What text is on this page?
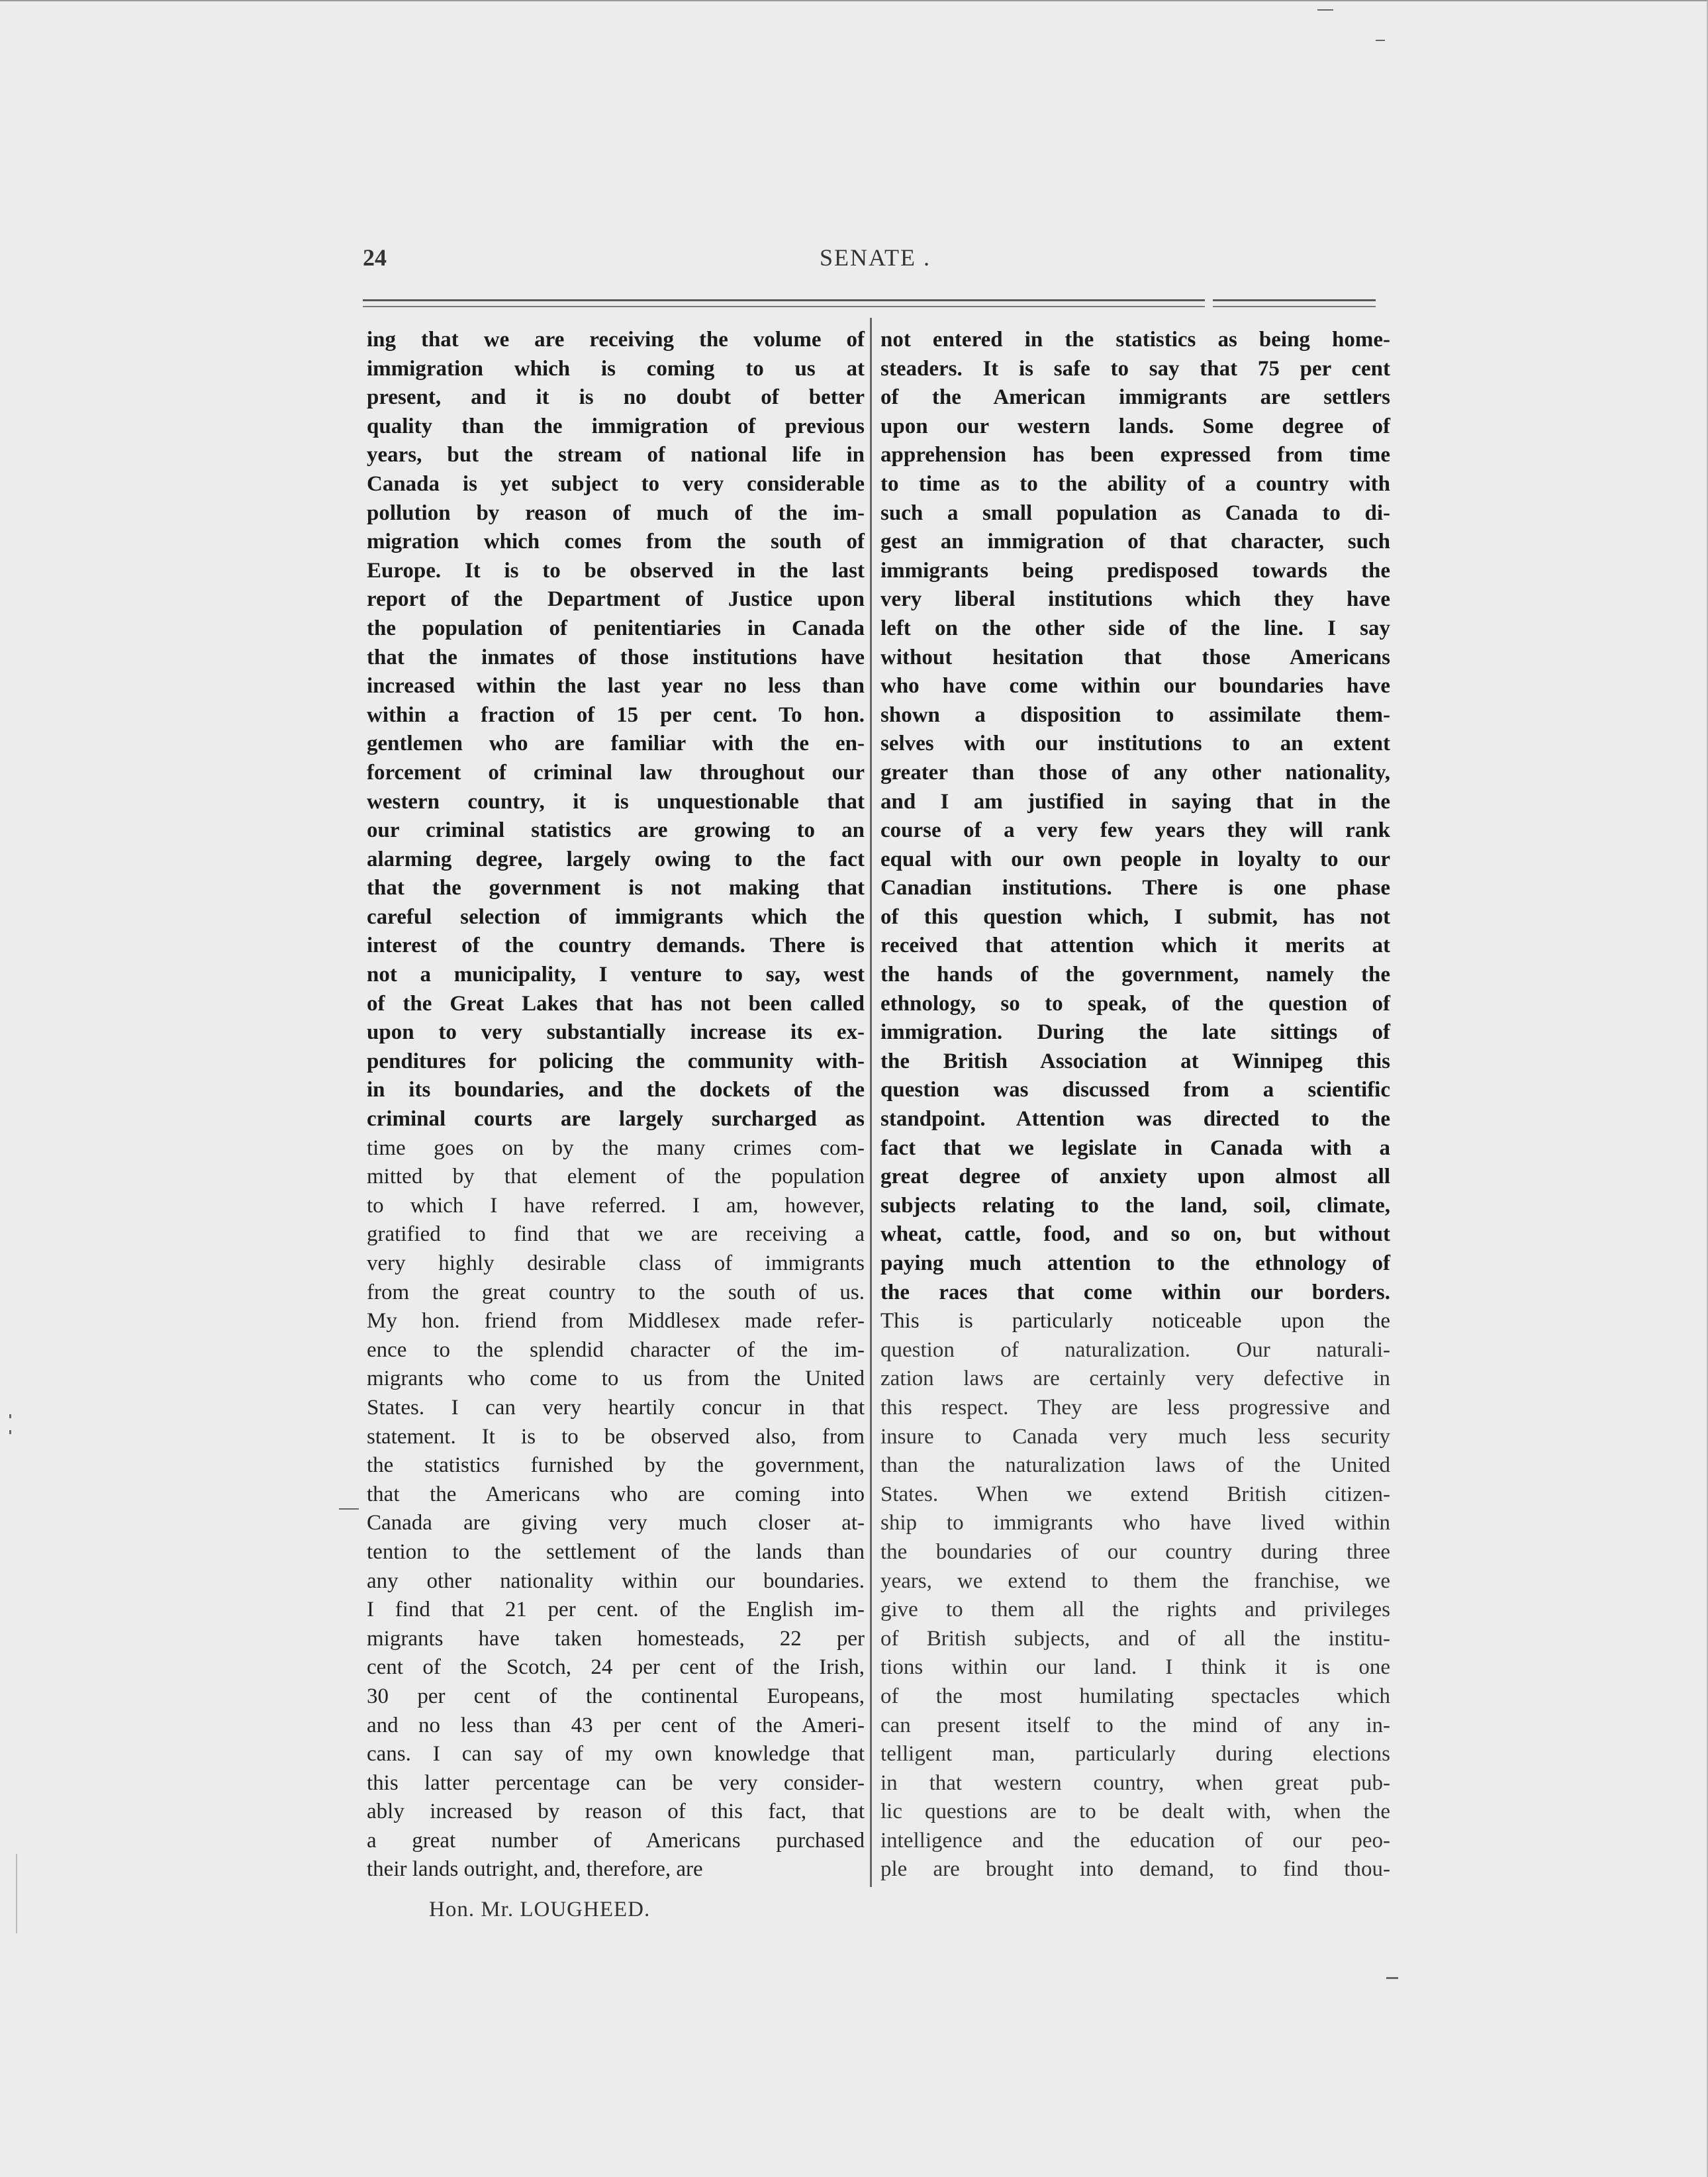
24	SENATE .
ing that we are receiving the volume of
immigration which is coming to us at
present, and it is no doubt of better
quality than the immigration of previous
years, but the stream of national life in
Canada is yet subject to very considerable
pollution by reason of much of the im-
migration which comes from the south of
Europe. It is to be observed in the last
report of the Department of Justice upon
the population of penitentiaries in Canada
that the inmates of those institutions have
increased within the last year no less than
within a fraction of 15 per cent. To hon.
gentlemen who are familiar with the en-
forcement of criminal law throughout our
western country, it is unquestionable that
our criminal statistics are growing to an
alarming degree, largely owing to the fact
that the government is not making that
careful selection of immigrants which the
interest of the country demands. There is
not a municipality, I venture to say, west
of the Great Lakes that has not been called
upon to very substantially increase its ex-
penditures for policing the community with-
in its boundaries, and the dockets of the
criminal courts are largely surcharged as
time goes on by the many crimes com-
mitted by that element of the population
to which I have referred. I am, however,
gratified to find that we are receiving a
very highly desirable class of immigrants
from the great country to the south of us.
My hon. friend from Middlesex made refer-
ence to the splendid character of the im-
migrants who come to us from the United
States. I can very heartily concur in that
statement. It is to be observed also, from
the statistics furnished by the government,
that the Americans who are coming into
Canada are giving very much closer at-
tention to the settlement of the lands than
any other nationality within our boundaries.
I find that 21 per cent. of the English im-
migrants have taken homesteads, 22 per
cent of the Scotch, 24 per cent of the Irish,
30 per cent of the continental Europeans,
and no less than 43 per cent of the Ameri-
cans. I can say of my own knowledge that
this latter percentage can be very consider-
ably increased by reason of this fact, that
a great number of Americans purchased
their lands outright, and, therefore, are
not entered in the statistics as being home-
steaders. It is safe to say that 75 per cent
of the American immigrants are settlers
upon our western lands. Some degree of
apprehension has been expressed from time
to time as to the ability of a country with
such a small population as Canada to di-
gest an immigration of that character, such
immigrants being predisposed towards the
very liberal institutions which they have
left on the other side of the line. I say
without hesitation that those Americans
who have come within our boundaries have
shown a disposition to assimilate them-
selves with our institutions to an extent
greater than those of any other nationality,
and I am justified in saying that in the
course of a very few years they will rank
equal with our own people in loyalty to our
Canadian institutions. There is one phase
of this question which, I submit, has not
received that attention which it merits at
the hands of the government, namely the
ethnology, so to speak, of the question of
immigration. During the late sittings of
the British Association at Winnipeg this
question was discussed from a scientific
standpoint. Attention was directed to the
fact that we legislate in Canada with a
great degree of anxiety upon almost all
subjects relating to the land, soil, climate,
wheat, cattle, food, and so on, but without
paying much attention to the ethnology of
the races that come within our borders.
This is particularly noticeable upon the
question of naturalization. Our naturali-
zation laws are certainly very defective in
this respect. They are less progressive and
insure to Canada very much less security
than the naturalization laws of the United
States. When we extend British citizen-
ship to immigrants who have lived within
the boundaries of our country during three
years, we extend to them the franchise, we
give to them all the rights and privileges
of British subjects, and of all the institu-
tions within our land. I think it is one
of the most humilating spectacles which
can present itself to the mind of any in-
telligent man, particularly during elections
in that western country, when great pub-
lic questions are to be dealt with, when the
intelligence and the education of our peo-
ple are brought into demand, to find thou-
Hon. Mr. LOUGHEED.
